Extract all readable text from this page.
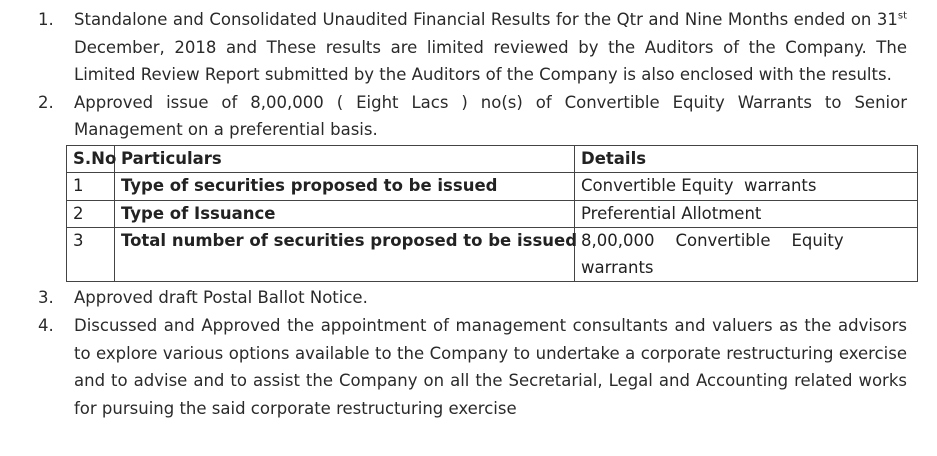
1. Standalone and Consolidated Unaudited Financial Results for the Qtr and Nine Months ended on 31st December, 2018 and These results are limited reviewed by the Auditors of the Company. The Limited Review Report submitted by the Auditors of the Company is also enclosed with the results.
2. Approved issue of 8,00,000 ( Eight Lacs ) no(s) of Convertible Equity Warrants to Senior Management on a preferential basis.
S.No	Particulars	Details
1	Type of securities proposed to be issued	Convertible Equity  warrants
2	Type of Issuance	Preferential Allotment
3	Total number of securities proposed to be issued	8,00,000    Convertible    Equity warrants
3. Approved draft Postal Ballot Notice.
4. Discussed and Approved the appointment of management consultants and valuers as the advisors to explore various options available to the Company to undertake a corporate restructuring exercise and to advise and to assist the Company on all the Secretarial, Legal and Accounting related works for pursuing the said corporate restructuring exercise
